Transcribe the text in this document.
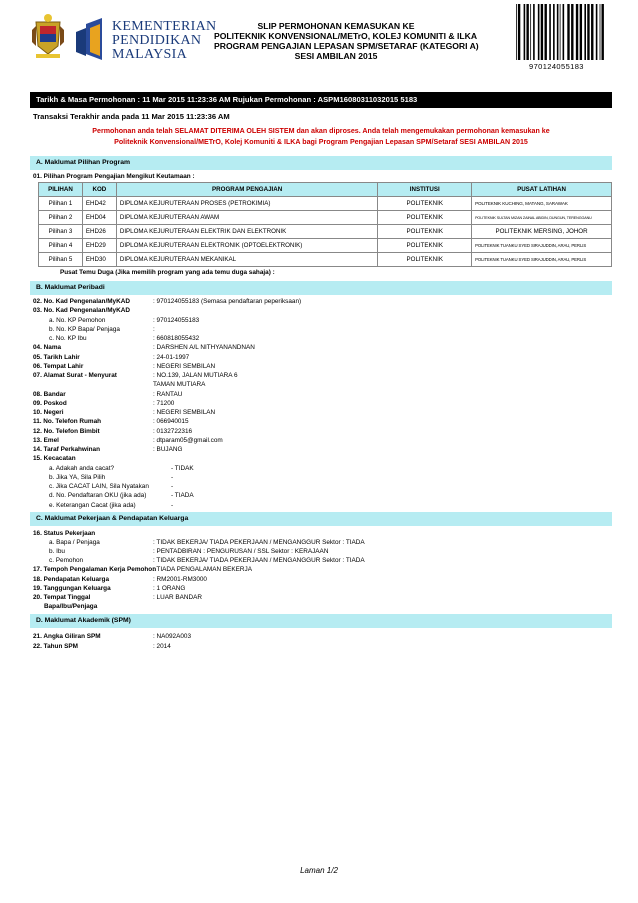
KEMENTERIAN
PENDIDIKAN
MALAYSIA
SLIP PERMOHONAN KEMASUKAN KE
POLITEKNIK KONVENSIONAL/METrO, KOLEJ KOMUNITI & ILKA
PROGRAM PENGAJIAN LEPASAN SPM/SETARAF (KATEGORI A)
SESI AMBILAN 2015
970124055183
Tarikh & Masa Permohonan : 11 Mar 2015 11:23:36 AM Rujukan Permohonan : ASPM16080311032015 5183
Transaksi Terakhir anda pada 11 Mar 2015 11:23:36 AM
Permohonan anda telah SELAMAT DITERIMA OLEH SISTEM dan akan diproses. Anda telah mengemukakan permohonan kemasukan ke
Politeknik Konvensional/METrO, Kolej Komuniti & ILKA bagi Program Pengajian Lepasan SPM/Setaraf SESI AMBILAN 2015
A. Maklumat Pilihan Program
01. Pilihan Program Pengajian Mengikut Keutamaan :
PILIHAN	KOD	PROGRAM PENGAJIAN	INSTITUSI	PUSAT LATIHAN
Pilihan 1	EHD42	DIPLOMA KEJURUTERAAN PROSES (PETROKIMIA)	POLITEKNIK	POLITEKNIK KUCHING, MATANG, SARAWAK
Pilihan 2	EHD04	DIPLOMA KEJURUTERAAN AWAM	POLITEKNIK	POLITEKNIK SULTAN MIZAN ZAINAL ABIDIN, DUNGUN, TERENGGANU
Pilihan 3	EHD26	DIPLOMA KEJURUTERAAN ELEKTRIK DAN ELEKTRONIK	POLITEKNIK	POLITEKNIK MERSING, JOHOR
Pilihan 4	EHD29	DIPLOMA KEJURUTERAAN ELEKTRONIK (OPTOELEKTRONIK)	POLITEKNIK	POLITEKNIK TUANKU SYED SIRAJUDDIN, ARAU, PERLIS
Pilihan 5	EHD30	DIPLOMA KEJURUTERAAN MEKANIKAL	POLITEKNIK	POLITEKNIK TUANKU SYED SIRAJUDDIN, ARAU, PERLIS
Pusat Temu Duga (Jika memilih program yang ada temu duga sahaja) :
B. Maklumat Peribadi
02. No. Kad Pengenalan/MyKAD	: 970124055183 (Semasa pendaftaran peperiksaan)
03. No. Kad Pengenalan/MyKAD
a. No. KP Pemohon	: 970124055183
b. No. KP Bapa/ Penjaga	:
c. No. KP Ibu	: 660818055432
04. Nama	: DARSHEN A/L NITHYANANDNAN
05. Tarikh Lahir	: 24-01-1997
06. Tempat Lahir	: NEGERI SEMBILAN
07. Alamat Surat - Menyurat	: NO.139, JALAN MUTIARA 6
TAMAN MUTIARA
08. Bandar	: RANTAU
09. Poskod	: 71200
10. Negeri	: NEGERI SEMBILAN
11. No. Telefon Rumah	: 066940015
12. No. Telefon Bimbit	: 0132722316
13. Emel	: dtparam05@gmail.com
14. Taraf Perkahwinan	: BUJANG
15. Kecacatan
a. Adakah anda cacat?	- TIDAK
b. Jika YA, Sila Pilih	-
c. Jika CACAT LAIN, Sila Nyatakan	-
d. No. Pendaftaran OKU (jika ada)	- TIADA
e. Keterangan Cacat (jika ada)	-
C. Maklumat Pekerjaan & Pendapatan Keluarga
16. Status Pekerjaan
a. Bapa / Penjaga	: TIDAK BEKERJA/ TIADA PEKERJAAN / MENGANGGUR Sektor : TIADA
b. Ibu	: PENTADBIRAN : PENGURUSAN / SSL Sektor : KERAJAAN
c. Pemohon	: TIDAK BEKERJA/ TIADA PEKERJAAN / MENGANGGUR Sektor : TIADA
17. Tempoh Pengalaman Kerja Pemohon
: TIADA PENGALAMAN BEKERJA
18. Pendapatan Keluarga	: RM2001-RM3000
19. Tanggungan Keluarga	: 1 ORANG
20. Tempat Tinggal	: LUAR BANDAR
Bapa/Ibu/Penjaga
D. Maklumat Akademik (SPM)
21. Angka Giliran SPM	: NA092A003
22. Tahun SPM	: 2014
Laman 1/2
